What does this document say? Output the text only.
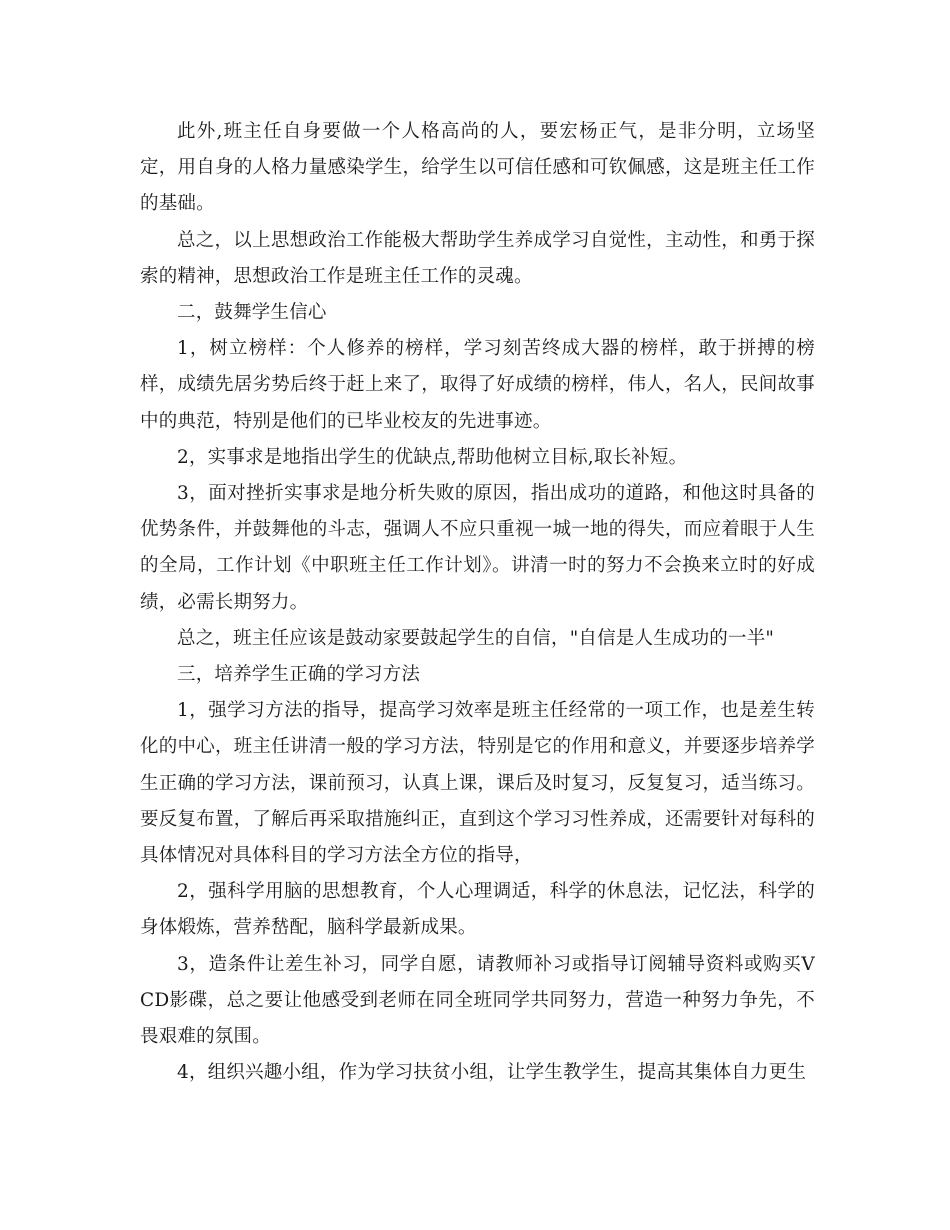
此外,班主任自身要做一个人格高尚的人，要宏杨正气，是非分明，立场坚定，用自身的人格力量感染学生，给学生以可信任感和可钦佩感，这是班主任工作的基础。

总之，以上思想政治工作能极大帮助学生养成学习自觉性，主动性，和勇于探索的精神，思想政治工作是班主任工作的灵魂。

二，鼓舞学生信心

1，树立榜样：个人修养的榜样，学习刻苦终成大器的榜样，敢于拼搏的榜样，成绩先居劣势后终于赶上来了，取得了好成绩的榜样，伟人，名人，民间故事中的典范，特别是他们的已毕业校友的先进事迹。

2，实事求是地指出学生的优缺点,帮助他树立目标,取长补短。

3，面对挫折实事求是地分析失败的原因，指出成功的道路，和他这时具备的优势条件，并鼓舞他的斗志，强调人不应只重视一城一地的得失，而应着眼于人生的全局，工作计划《中职班主任工作计划》。讲清一时的努力不会换来立时的好成绩，必需长期努力。

总之，班主任应该是鼓动家要鼓起学生的自信，"自信是人生成功的一半"

三，培养学生正确的学习方法

1，强学习方法的指导，提高学习效率是班主任经常的一项工作，也是差生转化的中心，班主任讲清一般的学习方法，特别是它的作用和意义，并要逐步培养学生正确的学习方法，课前预习，认真上课，课后及时复习，反复复习，适当练习。要反复布置，了解后再采取措施纠正，直到这个学习习性养成，还需要针对每科的具体情况对具体科目的学习方法全方位的指导，

2，强科学用脑的思想教育，个人心理调适，科学的休息法，记忆法，科学的身体煅炼，营养嵆配，脑科学最新成果。

3，造条件让差生补习，同学自愿，请教师补习或指导订阅辅导资料或购买VCD影碟，总之要让他感受到老师在同全班同学共同努力，营造一种努力争先，不畏艰难的氛围。

4，组织兴趣小组，作为学习扶贫小组，让学生教学生，提高其集体自力更生
